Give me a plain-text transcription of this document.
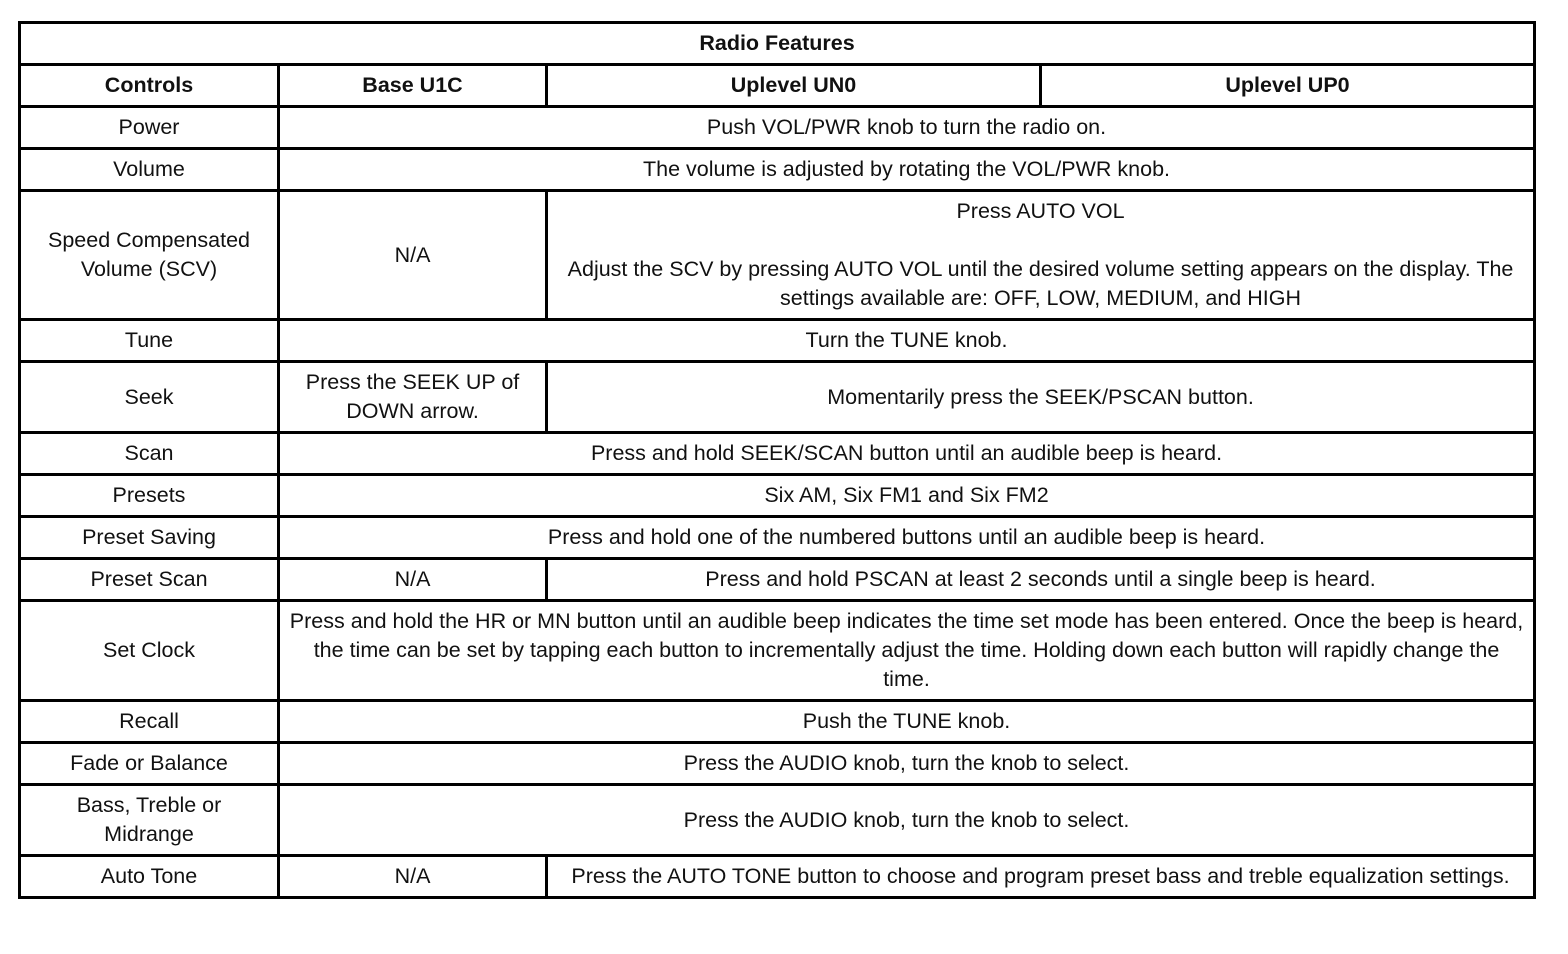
Radio Features			
Controls	Base U1C	Uplevel UN0	Uplevel UP0
Power	Push VOL/PWR knob to turn the radio on.		
Volume	The volume is adjusted by rotating the VOL/PWR knob.		
Speed Compensated Volume (SCV)	N/A	Press AUTO VOL
Adjust the SCV by pressing AUTO VOL until the desired volume setting appears on the display. The settings available are: OFF, LOW, MEDIUM, and HIGH	

Tune	Turn the TUNE knob.		
Seek	Press the SEEK UP of DOWN arrow.	Momentarily press the SEEK/PSCAN button.	
Scan	Press and hold SEEK/SCAN button until an audible beep is heard.		
Presets	Six AM, Six FM1 and Six FM2		
Preset Saving	Press and hold one of the numbered buttons until an audible beep is heard.		
Preset Scan	N/A	Press and hold PSCAN at least 2 seconds until a single beep is heard.	
Set Clock	Press and hold the HR or MN button until an audible beep indicates the time set mode has been entered. Once the beep is heard, the time can be set by tapping each button to incrementally adjust the time. Holding down each button will rapidly change the time.		
Recall	Push the TUNE knob.		
Fade or Balance	Press the AUDIO knob, turn the knob to select.		
Bass, Treble or Midrange	Press the AUDIO knob, turn the knob to select.		
Auto Tone	N/A	Press the AUTO TONE button to choose and program preset bass and treble equalization settings.	
